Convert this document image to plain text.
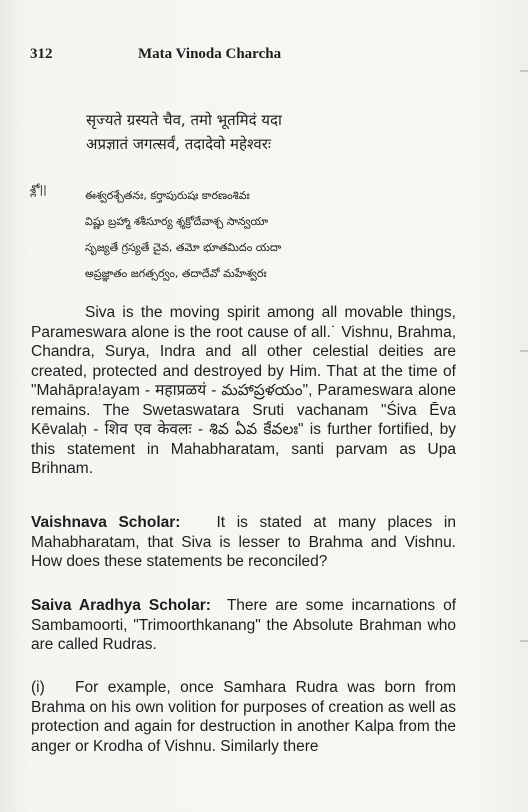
312	Mata Vinoda Charcha
सृज्यते ग्रस्यते चैव, तमो भूतमिदं यदा
अप्रज्ञातं जगत्सर्वं, तदादेवो महेश्वरः
శ్లో||	ఈశ్వరశ్చేతనః, కర్తాపురుషః కారణంశివః
విష్ణు బ్రహ్మా శశీసూర్య శ్శక్రోదేవాశ్చ సాన్వయా
సృజ్యతే గ్రస్యతే చైవ, తమో భూతమిదం యదా
అప్రజ్ఞాతం జగత్సర్వం, తదాదేవో మహేశ్వరః

Siva is the moving spirit among all movable things, Parameswara alone is the root cause of all.˙ Vishnu, Brahma, Chandra, Surya, Indra and all other celestial deities are created, protected and destroyed by Him. That at the time of "Mahāpra!ayam - महाप्रळयं - మహాప్రళయం", Parameswara alone remains. The Swetaswatara Sruti vachanam "Śiva Ēva Kēvalaḥ - शिव एव केवलः - శివ ఏవ కేవలః" is further fortified, by this statement in Mahabharatam, santi parvam as Upa Brihnam.

Vaishnava Scholar: It is stated at many places in Mahabharatam, that Siva is lesser to Brahma and Vishnu. How does these statements be reconciled?

Saiva Aradhya Scholar: There are some incarnations of Sambamoorti, "Trimoorthkanang" the Absolute Brahman who are called Rudras.

(i) For example, once Samhara Rudra was born from Brahma on his own volition for purposes of creation as well as protection and again for destruction in another Kalpa from the anger or Krodha of Vishnu. Similarly there
